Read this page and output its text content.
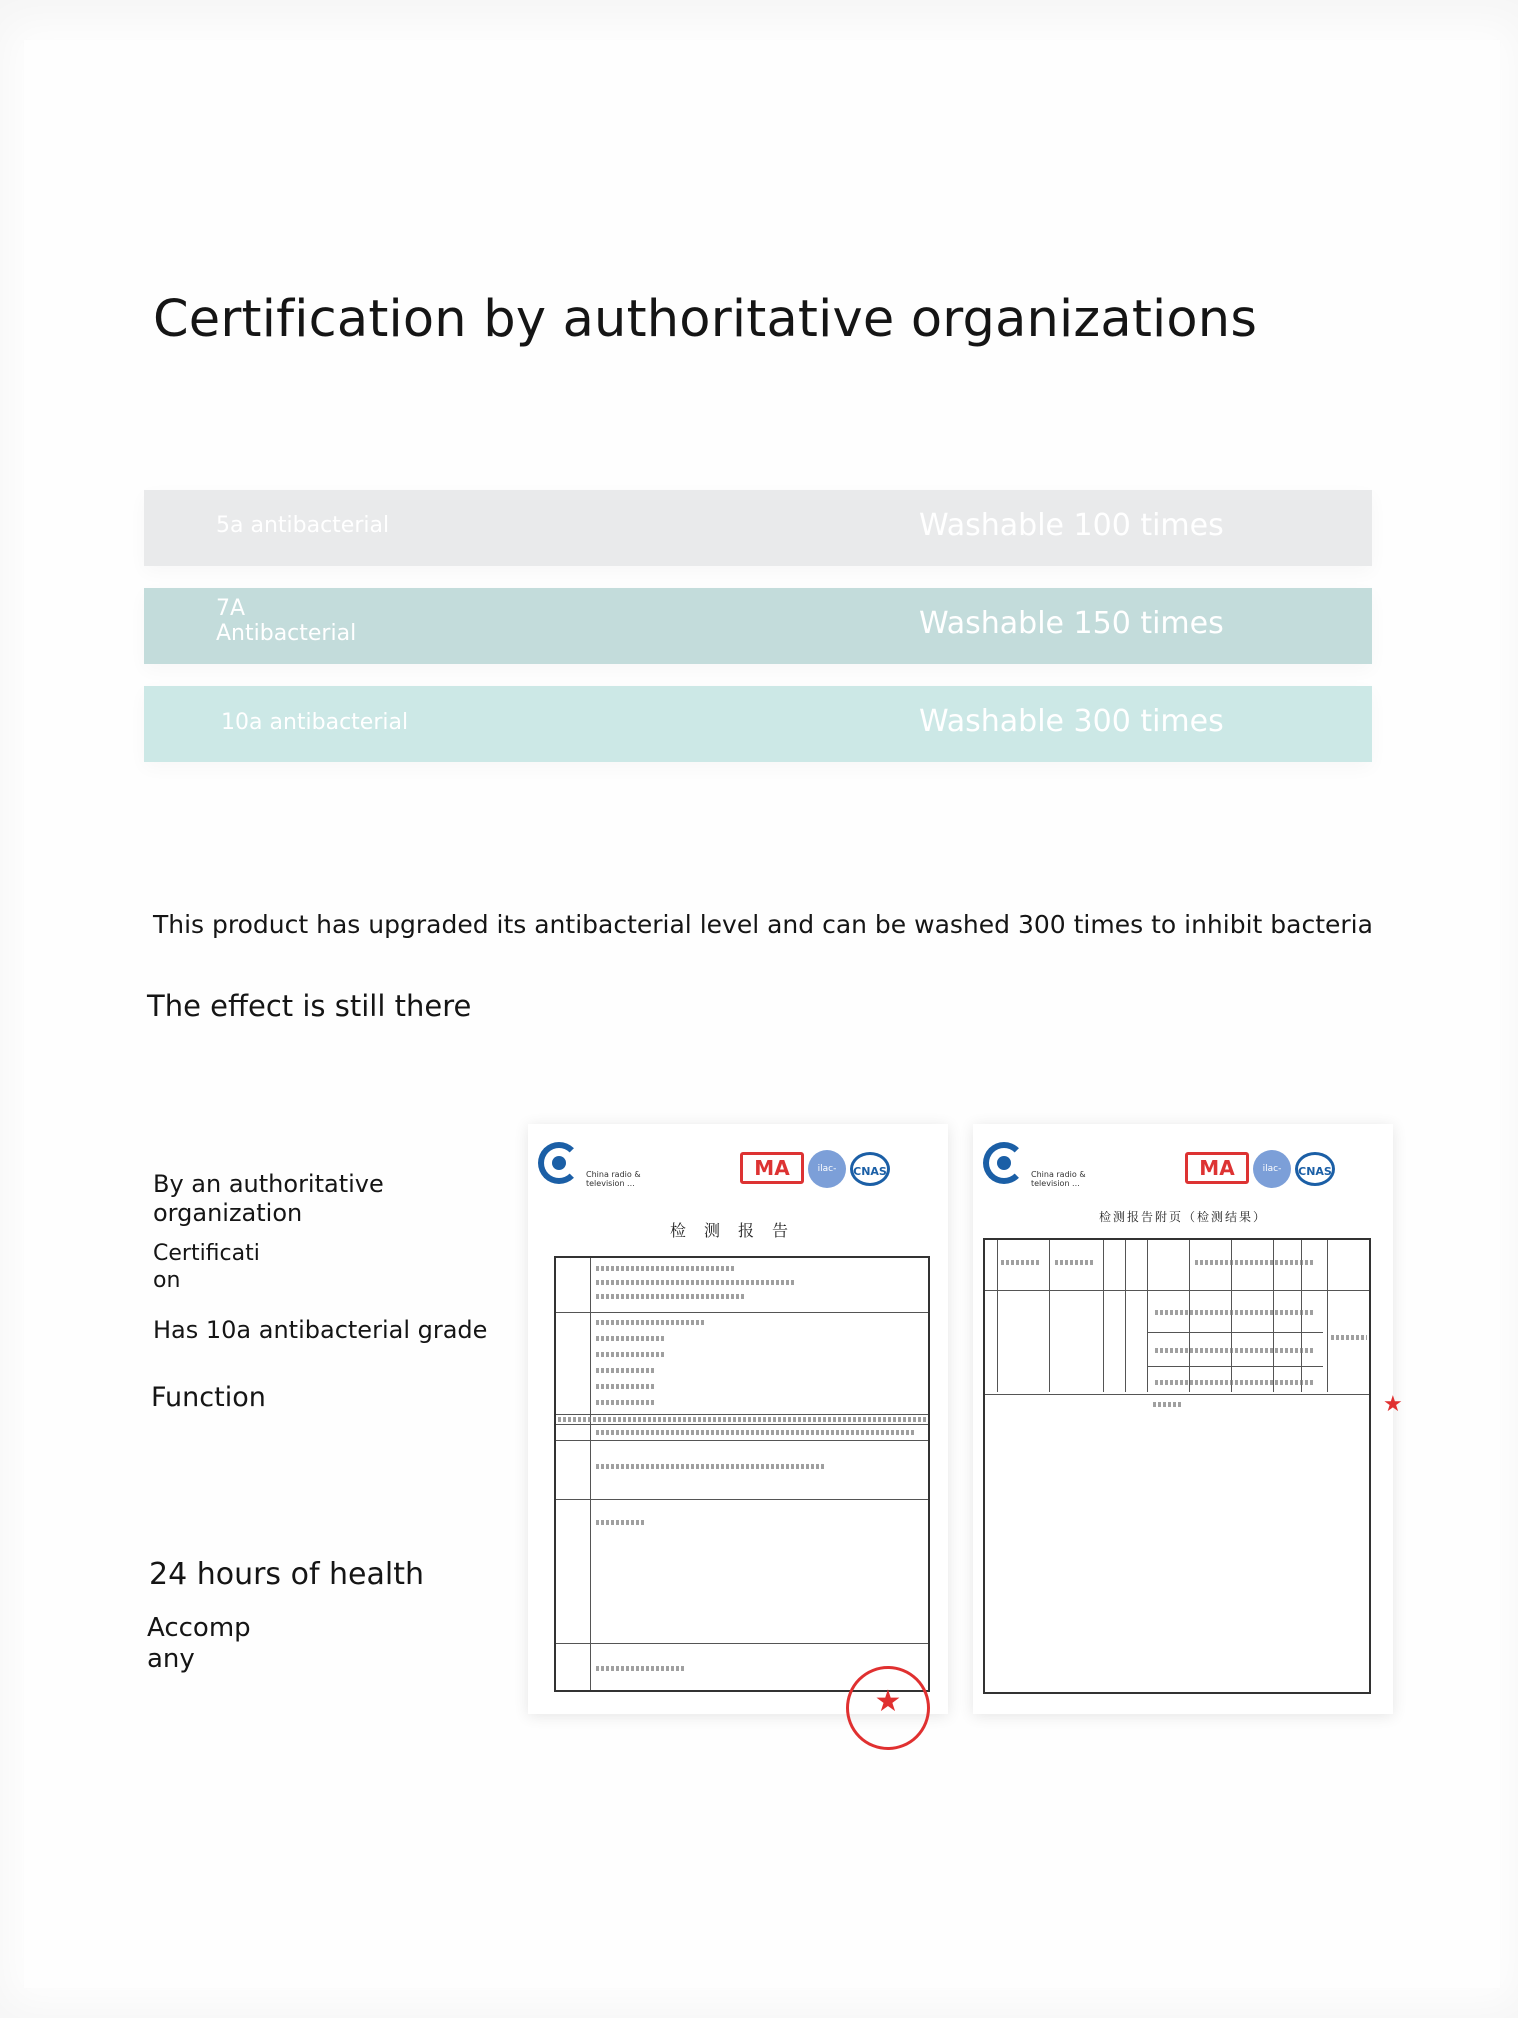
Certification by authoritative organizations
5a antibacterial	Washable 100 times
7A Antibacterial	Washable 150 times
10a antibacterial	Washable 300 times
This product has upgraded its antibacterial level and can be washed 300 times to inhibit bacteria
The effect is still there
By an authoritative organization
Certificati on
Has 10a antibacterial grade
Function
24 hours of health
Accomp any
China radio & television ...
MA	ilac-MRA
CNAS
检测报告
★
China radio & television ...
MA	ilac-MRA
CNAS
检测报告附页（检测结果）
★
